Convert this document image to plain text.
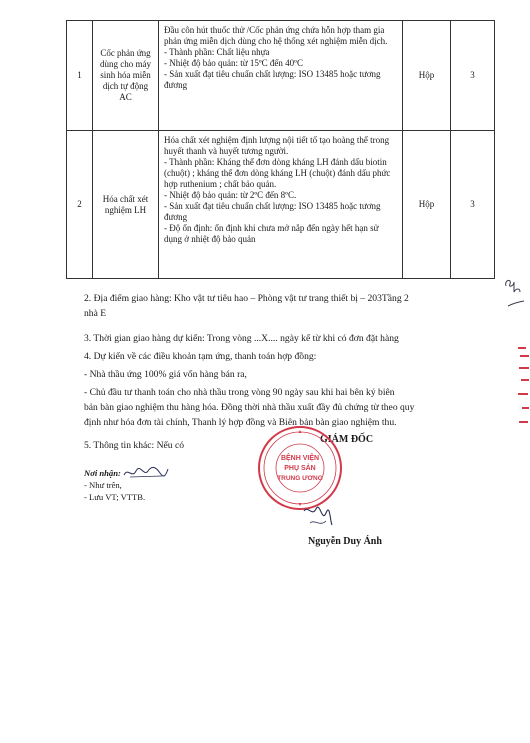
1	Cốc phản ứng dùng cho máy sinh hóa miễn dịch tự động AC	Đầu côn hút thuốc thử /Cốc phản ứng chứa hỗn hợp tham gia phản ứng miễn dịch dùng cho hệ thống xét nghiệm miễn dịch.
- Thành phần: Chất liệu nhựa
- Nhiệt độ bảo quản: từ 15ºC đến 40ºC
- Sản xuất đạt tiêu chuẩn chất lượng: ISO 13485 hoặc tương đương	Hộp	3
2	Hóa chất xét nghiệm LH	Hóa chất xét nghiệm định lượng nội tiết tố tạo hoàng thể trong huyết thanh và huyết tương người.
- Thành phần: Kháng thể đơn dòng kháng LH đánh dấu biotin (chuột) ; kháng thể đơn dòng kháng LH (chuột) đánh dấu phức hợp ruthenium ; chất bảo quản.
- Nhiệt độ bảo quản: từ 2ºC đến 8ºC.
- Sản xuất đạt tiêu chuẩn chất lượng: ISO 13485 hoặc tương đương
- Độ ổn định: ổn định khi chưa mở nắp đến ngày hết hạn sử dụng ở nhiệt độ bảo quản	Hộp	3
2. Địa điểm giao hàng: Kho vật tư tiêu hao – Phòng vật tư trang thiết bị – 203Tầng 2
nhà E
3. Thời gian giao hàng dự kiến: Trong vòng ...X.... ngày kể từ khi có đơn đặt hàng
4. Dự kiến về các điều khoản tạm ứng, thanh toán hợp đồng:
- Nhà thầu ứng 100% giá vốn hàng bán ra,
- Chủ đầu tư thanh toán cho nhà thầu trong vòng 90 ngày sau khi hai bên ký biên
bản bàn giao nghiệm thu hàng hóa. Đồng thời nhà thầu xuất đầy đủ chứng từ theo quy
định như hóa đơn tài chính, Thanh lý hợp đồng và Biên bản bàn giao nghiệm thu.
5. Thông tin khác: Nếu có
Nơi nhận:
- Như trên,
- Lưu VT; VTTB.
GIÁM ĐỐC
BỆNH VIỆN
PHỤ SẢN
TRUNG ƯƠNG
Nguyễn Duy Ánh
